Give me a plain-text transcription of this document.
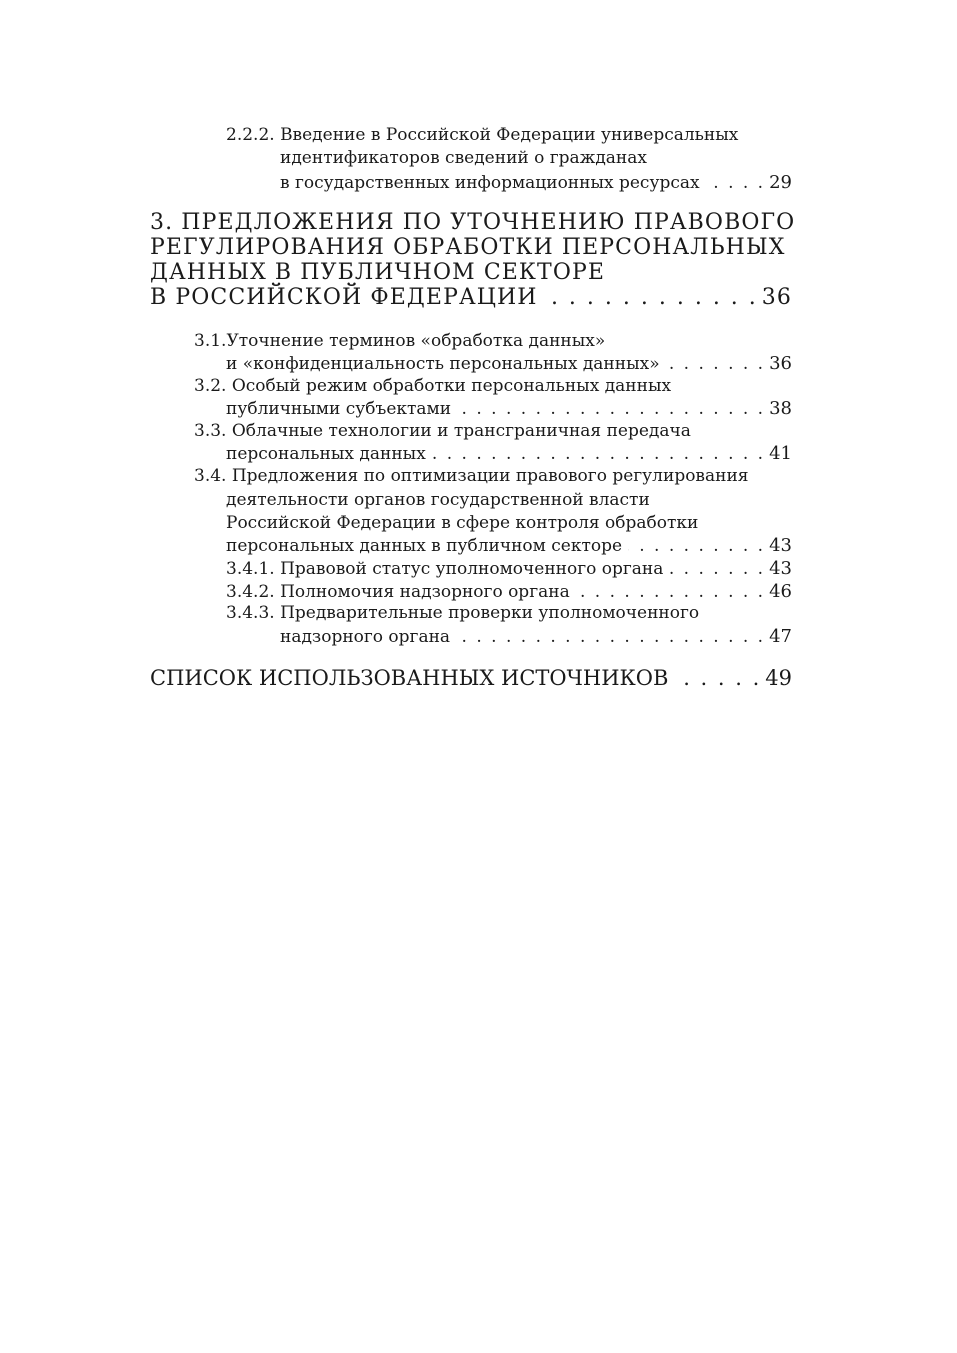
2.2.2. Введение в Российской Федерации универсальных

идентификаторов сведений о гражданах

в государственных информационных ресурсах . . .	29

3. ПРЕДЛОЖЕНИЯ ПО УТОЧНЕНИЮ ПРАВОВОГО

РЕГУЛИРОВАНИЯ ОБРАБОТКИ ПЕРСОНАЛЬНЫХ

ДАННЫХ В ПУБЛИЧНОМ СЕКТОРЕ

В РОССИЙСКОЙ ФЕДЕРАЦИИ . . .	36

3.1.Уточнение терминов «обработка данных»

и «конфиденциальность персональных данных» . . .	36

3.2. Особый режим обработки персональных данных

публичными субъектами . . .	38

3.3. Облачные технологии и трансграничная передача

персональных данных . . .	41

3.4. Предложения по оптимизации правового регулирования

деятельности органов государственной власти

Российской Федерации в сфере контроля обработки

персональных данных в публичном секторе . . .	43
3.4.1. Правовой статус уполномоченного органа . . .	43
3.4.2. Полномочия надзорного органа . . .	46

3.4.3. Предварительные проверки уполномоченного

надзорного органа . . .	47
СПИСОК ИСПОЛЬЗОВАННЫХ ИСТОЧНИКОВ . . .	49
